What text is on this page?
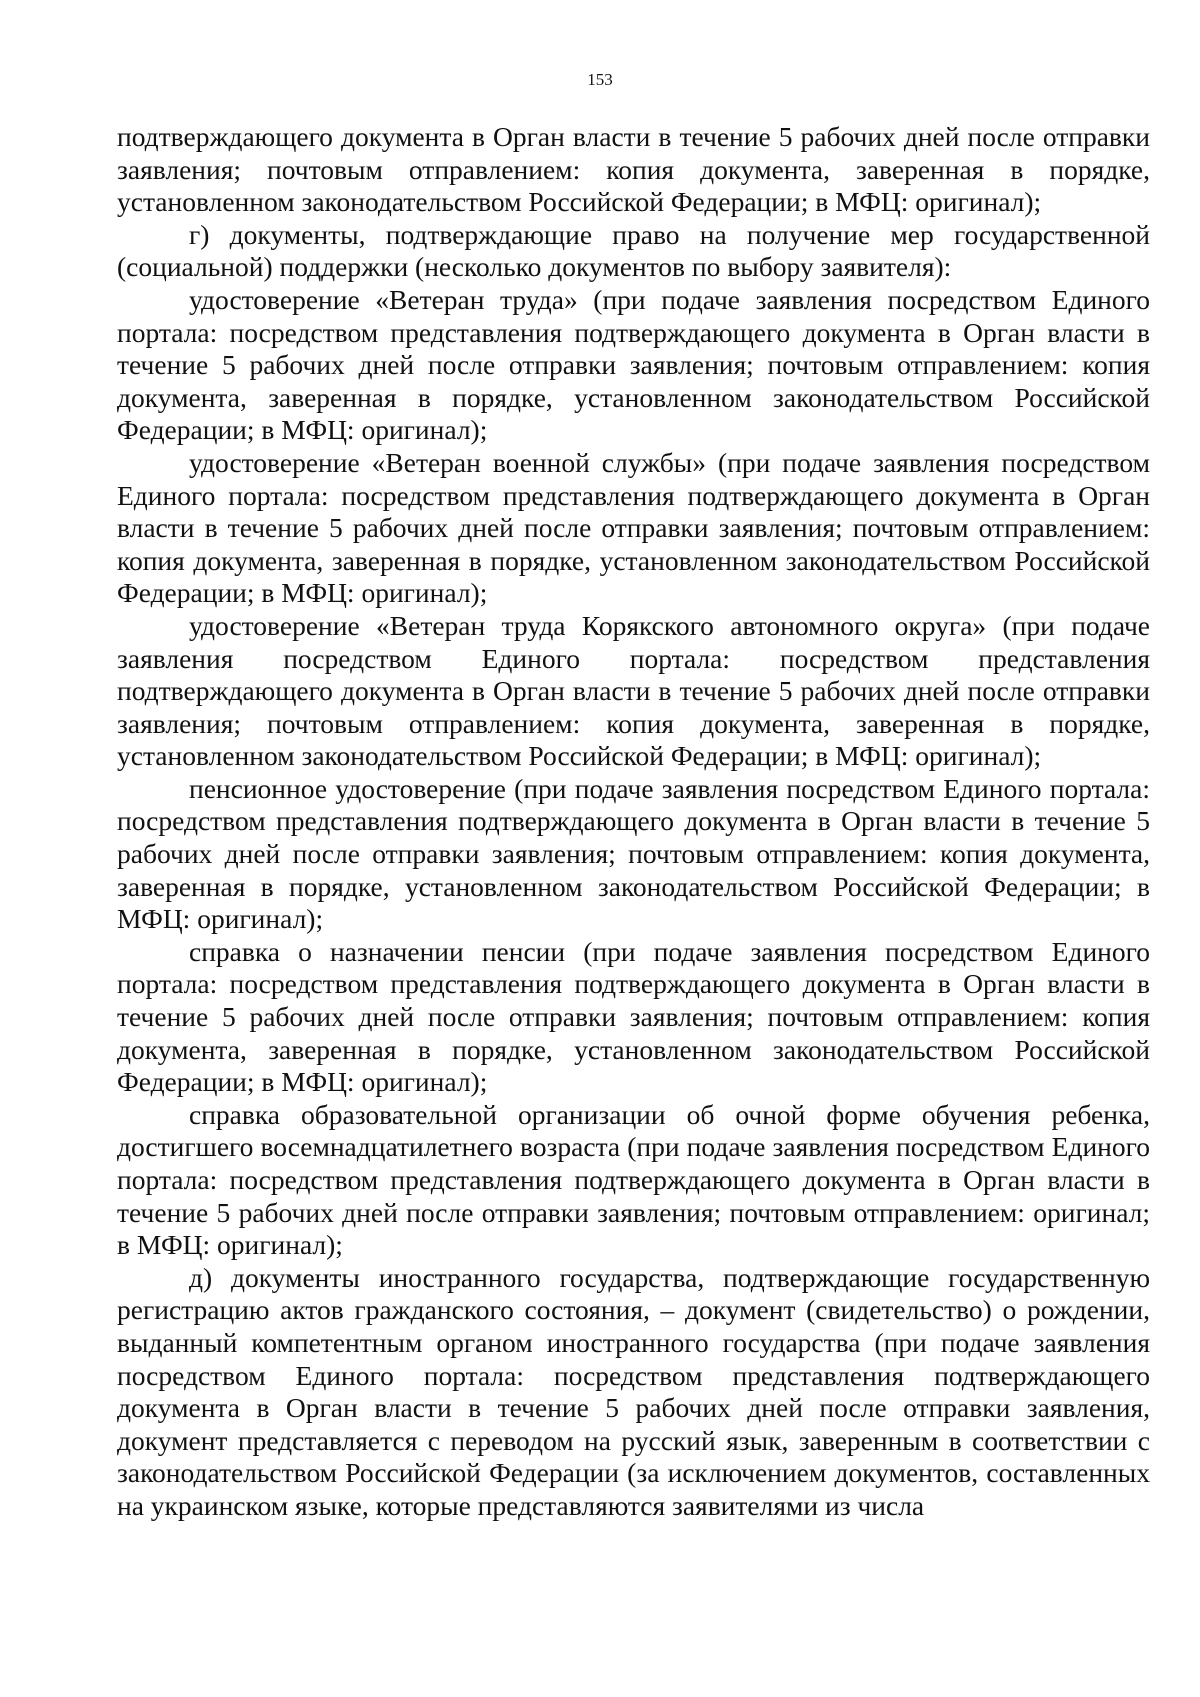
153

подтверждающего документа в Орган власти в течение 5 рабочих дней после отправки заявления; почтовым отправлением: копия документа, заверенная в порядке, установленном законодательством Российской Федерации; в МФЦ: оригинал);

г) документы, подтверждающие право на получение мер государственной (социальной) поддержки (несколько документов по выбору заявителя):

удостоверение «Ветеран труда» (при подаче заявления посредством Единого портала: посредством представления подтверждающего документа в Орган власти в течение 5 рабочих дней после отправки заявления; почтовым отправлением: копия документа, заверенная в порядке, установленном законодательством Российской Федерации; в МФЦ: оригинал);

удостоверение «Ветеран военной службы» (при подаче заявления посредством Единого портала: посредством представления подтверждающего документа в Орган власти в течение 5 рабочих дней после отправки заявления; почтовым отправлением: копия документа, заверенная в порядке, установленном законодательством Российской Федерации; в МФЦ: оригинал);

удостоверение «Ветеран труда Корякского автономного округа» (при подаче заявления посредством Единого портала: посредством представления подтверждающего документа в Орган власти в течение 5 рабочих дней после отправки заявления; почтовым отправлением: копия документа, заверенная в порядке, установленном законодательством Российской Федерации; в МФЦ: оригинал);

пенсионное удостоверение (при подаче заявления посредством Единого портала: посредством представления подтверждающего документа в Орган власти в течение 5 рабочих дней после отправки заявления; почтовым отправлением: копия документа, заверенная в порядке, установленном законодательством Российской Федерации; в МФЦ: оригинал);

справка о назначении пенсии (при подаче заявления посредством Единого портала: посредством представления подтверждающего документа в Орган власти в течение 5 рабочих дней после отправки заявления; почтовым отправлением: копия документа, заверенная в порядке, установленном законодательством Российской Федерации; в МФЦ: оригинал);

справка образовательной организации об очной форме обучения ребенка, достигшего восемнадцатилетнего возраста (при подаче заявления посредством Единого портала: посредством представления подтверждающего документа в Орган власти в течение 5 рабочих дней после отправки заявления; почтовым отправлением: оригинал; в МФЦ: оригинал);

д) документы иностранного государства, подтверждающие государственную регистрацию актов гражданского состояния, – документ (свидетельство) о рождении, выданный компетентным органом иностранного государства (при подаче заявления посредством Единого портала: посредством представления подтверждающего документа в Орган власти в течение 5 рабочих дней после отправки заявления, документ представляется с переводом на русский язык, заверенным в соответствии с законодательством Российской Федерации (за исключением документов, составленных на украинском языке, которые представляются заявителями из числа
